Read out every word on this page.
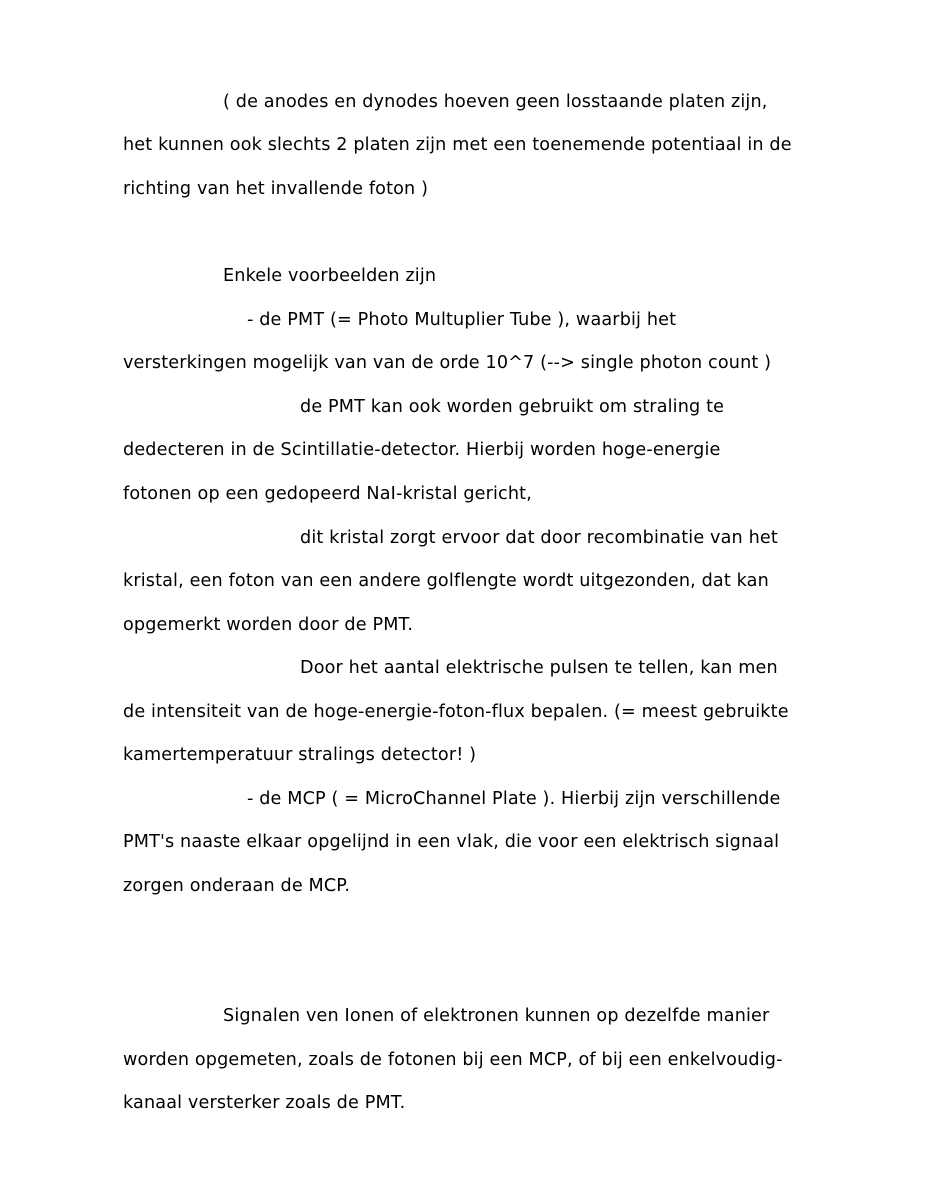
( de anodes en dynodes hoeven geen losstaande platen zijn,
het kunnen ook slechts 2 platen zijn met een toenemende potentiaal in de
richting van het invallende foton )
Enkele voorbeelden zijn
- de PMT (= Photo Multuplier Tube ), waarbij het
versterkingen mogelijk van van de orde 10^7 (--> single photon count )
de PMT kan ook worden gebruikt om straling te
dedecteren in de Scintillatie-detector. Hierbij worden hoge-energie
fotonen op een gedopeerd NaI-kristal gericht,
dit kristal zorgt ervoor dat door recombinatie van het
kristal, een foton van een andere golflengte wordt uitgezonden, dat kan
opgemerkt worden door de PMT.
Door het aantal elektrische pulsen te tellen, kan men
de intensiteit van de hoge-energie-foton-flux bepalen. (= meest gebruikte
kamertemperatuur stralings detector! )
- de MCP ( = MicroChannel Plate ). Hierbij zijn verschillende
PMT's naaste elkaar opgelijnd in een vlak, die voor een elektrisch signaal
zorgen onderaan de MCP.
Signalen ven Ionen of elektronen kunnen op dezelfde manier
worden opgemeten, zoals de fotonen bij een MCP, of bij een enkelvoudig-
kanaal versterker zoals de PMT.
